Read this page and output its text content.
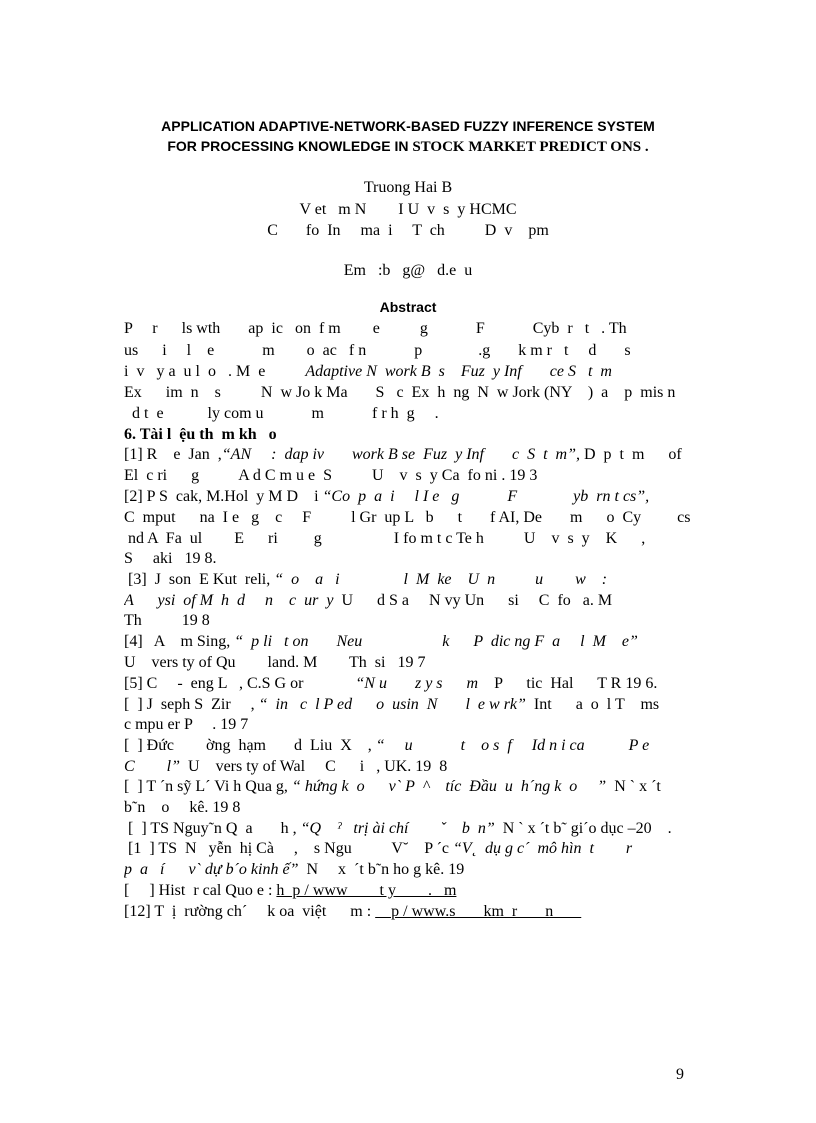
APPLICATION ADAPTIVE-NETWORK-BASED FUZZY INFERENCE SYSTEM
FOR PROCESSING KNOWLEDGE IN STOCK MARKET PREDICT ONS .
Truong Hai B
V et   m N        I U  v  s  y HCMC
C       fo  In     ma  i     T  ch          D  v    pm
Em   :b   g@   d.e  u
Abstract
P     r      ls wth       ap  ic   on  f m        e          g            F            Cyb  r   t   . Th
us      i     l    e            m        o  ac   f n            p              .g       k m r   t     d       s
i  v   y a  u l  o   . M  e          Adaptive N  work B  s    Fuz  y Inf       ce S   t  m
Ex      im  n    s          N  w Jo k Ma       S   c  Ex  h  ng  N  w Jork (NY    )  a    p  mis n
d t  e           ly com u            m            f r h  g     .
6. Tài l  ệu th  m kh   o
[1] R    e  Jan  ,“AN     :  dap iv       work B se  Fuz  y Inf       c  S  t  m”, D  p  t  m      of
El  c ri      g          A d C m u e  S          U    v  s  y Ca  fo ni . 19 3
[2] P S  cak, M.Hol  y M D    i “Co  p  a  i     l I e   g            F              yb  rn t cs”,
C  mput      na  I e   g    c     F          l Gr  up L   b      t       f AI, De       m      o  Cy         cs
nd A  Fa  ul        E      ri         g                  I fo m t c Te h          U    v  s  y    K      ,
S     aki   19 8.
[3]  J  son  E Kut  reli, “  o    a   i                l  M  ke    U  n          u        w    :
A      ysi  of M  h  d     n    c  ur  y  U      d S a     N vy Un      si     C  fo   a. M
Th          19 8
[4]   A    m Sing, “  p li   t on       Neu                    k      P  dic ng F  a     l  M    e”
U    vers ty of Qu        land. M        Th  si   19 7
[5] C     -  eng L   , C.S G or             “N u       z y s      m    P      tic  Hal      T R 19 6.
[  ] J  seph S  Zir     , “  in   c  l P ed      o  usin  N       l  e w rk”  Int      a  o  l T    ms
c mpu er P     . 19 7
[  ] Đức        ờng  hạm       d  Liu  X    , “     u            t    o s  f     Id n i ca           P e
C        l”  U    vers ty of Wal     C      i   , UK. 19  8
[  ] T ´n sỹ L´ Vi h Qua g, “ hứng k  o      v` P  ^    tíc  Đầu  u  h´ng k  o     ”  N ` x ´t
b˜n    o     kê. 19 8
[  ] TS Nguy˜n Q  a       h , “Q    ˀ   trị ài chí        ˇ    b  n”  N ` x ´t b˜ gi´o dục –20    .
[1  ] TS  N   yễn  hị Cà     ,    s Ngu          V˘    P ´c “V˛  dụ g c´  mô hìn  t        r
p  a   í      v` dự b´o kinh ế”  N     x  ´t b˜n ho g kê. 19
[     ] Hist  r cal Quo e : h  p / www        t y        .   m
[12] T  ị  rường ch´     k oa  việt      m :     p / www.s       km  r       n
9
